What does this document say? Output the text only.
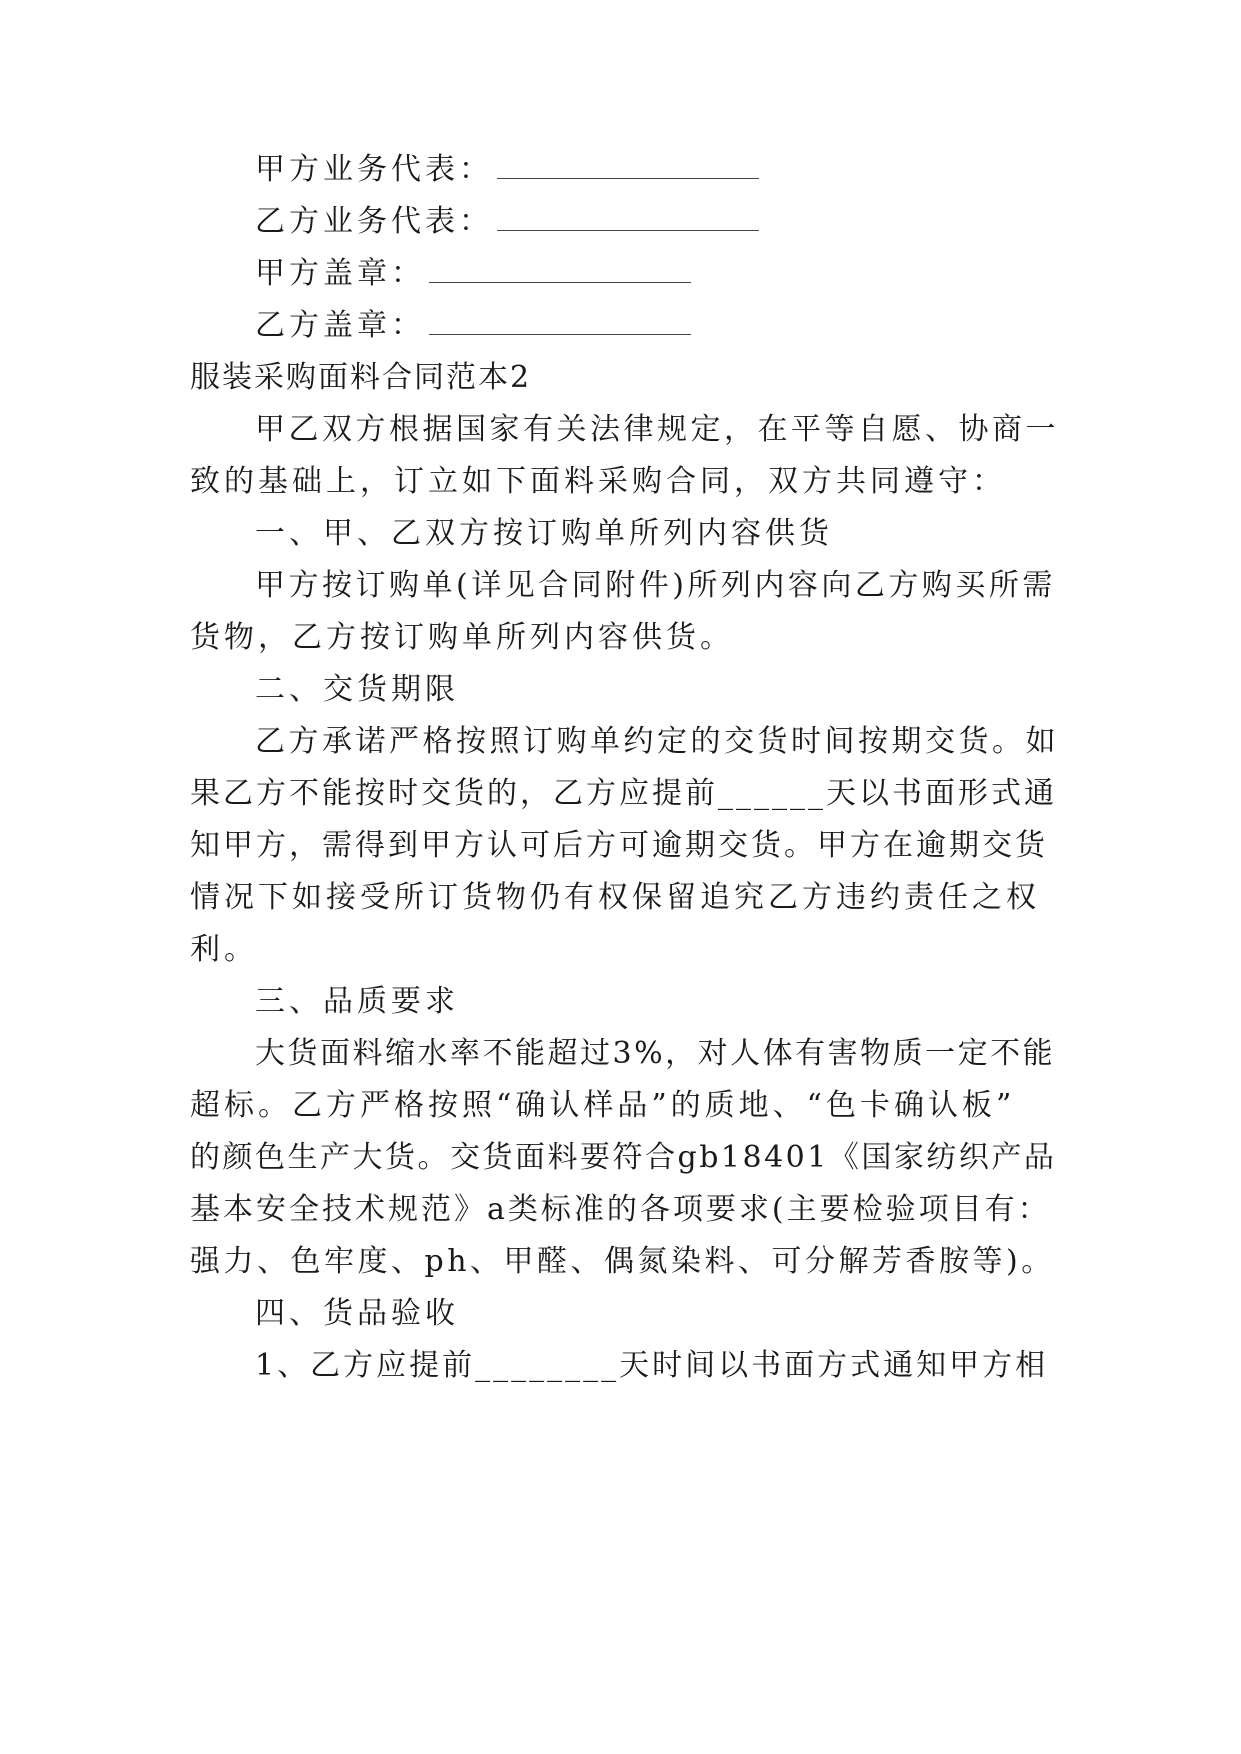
甲方业务代表：
乙方业务代表：
甲方盖章：
乙方盖章：
服装采购面料合同范本2
甲乙双方根据国家有关法律规定，在平等自愿、协商一
致的基础上，订立如下面料采购合同，双方共同遵守：
一、甲、乙双方按订购单所列内容供货
甲方按订购单(详见合同附件)所列内容向乙方购买所需
货物，乙方按订购单所列内容供货。
二、交货期限
乙方承诺严格按照订购单约定的交货时间按期交货。如
果乙方不能按时交货的，乙方应提前______天以书面形式通
知甲方，需得到甲方认可后方可逾期交货。甲方在逾期交货
情况下如接受所订货物仍有权保留追究乙方违约责任之权
利。
三、品质要求
大货面料缩水率不能超过3%，对人体有害物质一定不能
超标。乙方严格按照“确认样品”的质地、“色卡确认板”
的颜色生产大货。交货面料要符合gb18401《国家纺织产品
基本安全技术规范》a类标准的各项要求(主要检验项目有：
强力、色牢度、ph、甲醛、偶氮染料、可分解芳香胺等)。
四、货品验收
1、乙方应提前________天时间以书面方式通知甲方相
